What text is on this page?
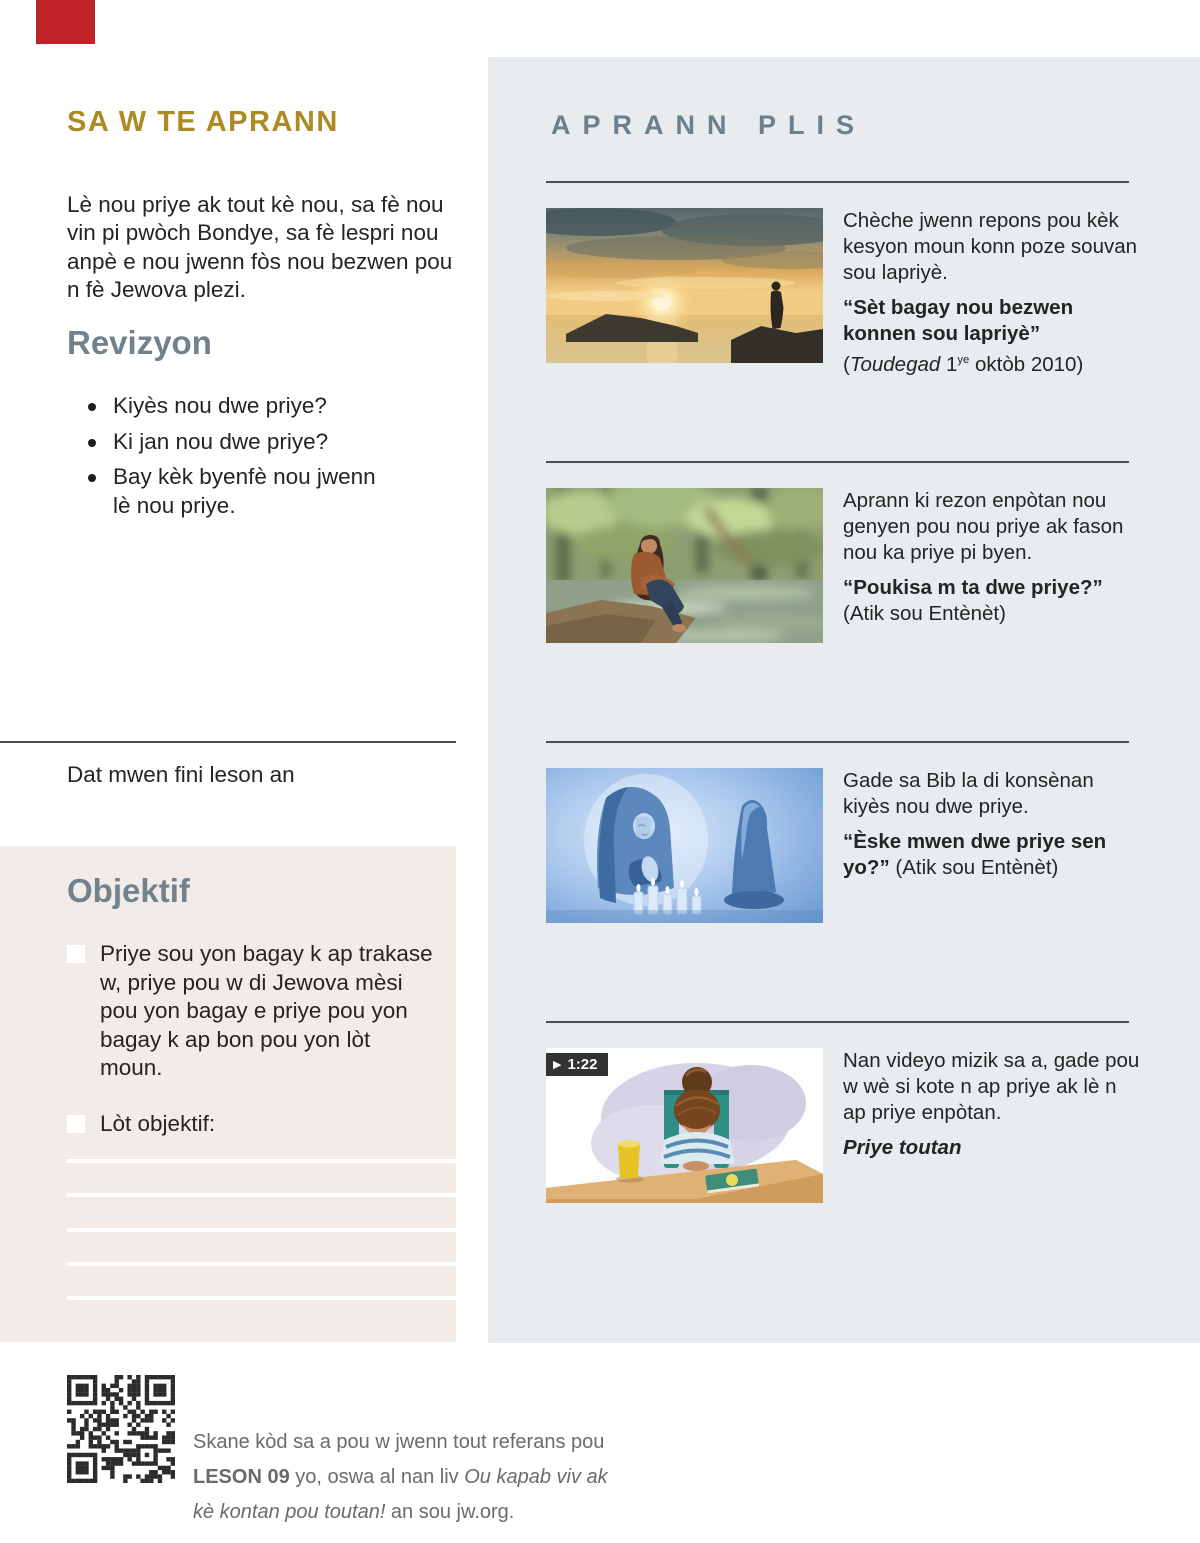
SA W TE APRANN

Lè nou priye ak tout kè nou, sa fè nou vin pi pwòch Bondye, sa fè lespri nou anpè e nou jwenn fòs nou bezwen pou n fè Jewova plezi.

Revizyon
Kiyès nou dwe priye?
Ki jan nou dwe priye?
Bay kèk byenfè nou jwenn lè nou priye.
Dat mwen fini leson an
Objektif
Priye sou yon bagay k ap trakase w, priye pou w di Jewova mèsi pou yon bagay e priye pou yon bagay k ap bon pou yon lòt moun.
Lòt objektif:
APRANN PLIS

Chèche jwenn repons pou kèk kesyon moun konn poze souvan sou lapriyè.

“Sèt bagay nou bezwen konnen sou lapriyè”

(Toudegad $1^{ye}$ oktòb 2010)

Aprann ki rezon enpòtan nou genyen pou nou priye ak fason nou ka priye pi byen.

“Poukisa m ta dwe priye?”

(Atik sou Entènèt)

Gade sa Bib la di konsènan kiyès nou dwe priye.

“Èske mwen dwe priye sen yo?” (Atik sou Entènèt)

▶ 1:22	Nan videyo mizik sa a, gade pou w wè si kote n ap priye ak lè n ap priye enpòtan.

Priye toutan

Skane kòd sa a pou w jwenn tout referans pou LESON 09 yo, oswa al nan liv Ou kapab viv ak kè kontan pou toutan! an sou jw.org.
